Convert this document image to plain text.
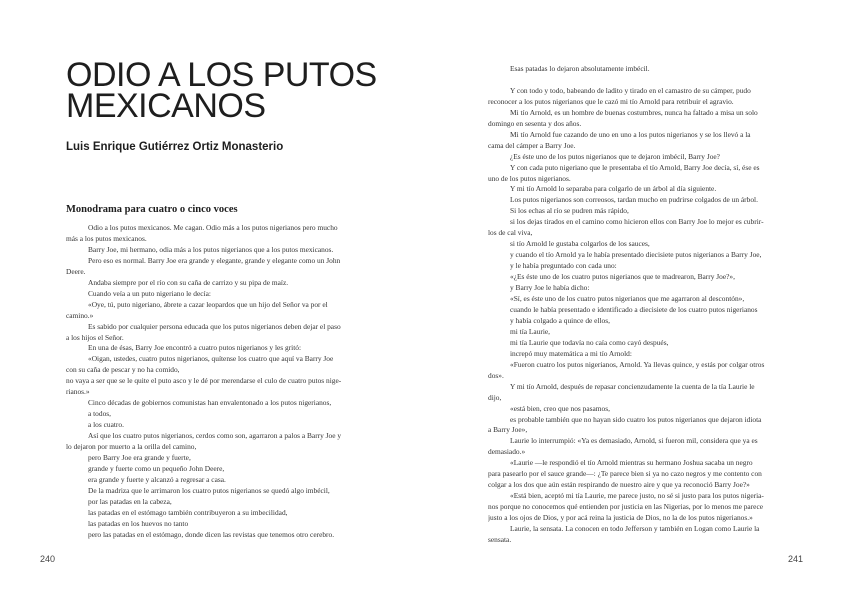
ODIO A LOS PUTOS MEXICANOS
Luis Enrique Gutiérrez Ortiz Monasterio
Monodrama para cuatro o cinco voces
Odio a los putos mexicanos. Me cagan. Odio más a los putos nigerianos pero mucho
más a los putos mexicanos.
Barry Joe, mi hermano, odia más a los putos nigerianos que a los putos mexicanos.
Pero eso es normal. Barry Joe era grande y elegante, grande y elegante como un John
Deere.
Andaba siempre por el río con su caña de carrizo y su pipa de maíz.
Cuando veía a un puto nigeriano le decía:
«Oye, tú, puto nigeriano, ábrete a cazar leopardos que un hijo del Señor va por el
camino.»
Es sabido por cualquier persona educada que los putos nigerianos deben dejar el paso
a los hijos el Señor.
En una de ésas, Barry Joe encontró a cuatro putos nigerianos y les gritó:
«Oigan, ustedes, cuatro putos nigerianos, quítense los cuatro que aquí va Barry Joe
con su caña de pescar y no ha comido,
no vaya a ser que se le quite el puto asco y le dé por merendarse el culo de cuatro putos nige-
rianos.»
Cinco décadas de gobiernos comunistas han envalentonado a los putos nigerianos,
a todos,
a los cuatro.
Así que los cuatro putos nigerianos, cerdos como son, agarraron a palos a Barry Joe y
lo dejaron por muerto a la orilla del camino,
pero Barry Joe era grande y fuerte,
grande y fuerte como un pequeño John Deere,
era grande y fuerte y alcanzó a regresar a casa.
De la madriza que le arrimaron los cuatro putos nigerianos se quedó algo imbécil,
por las patadas en la cabeza,
las patadas en el estómago también contribuyeron a su imbecilidad,
las patadas en los huevos no tanto
pero las patadas en el estómago, donde dicen las revistas que tenemos otro cerebro.
240
Esas patadas lo dejaron absolutamente imbécil.

Y con todo y todo, babeando de ladito y tirado en el camastro de su cámper, pudo
reconocer a los putos nigerianos que le cazó mi tío Arnold para retribuir el agravio.
Mi tío Arnold, es un hombre de buenas costumbres, nunca ha faltado a misa un solo
domingo en sesenta y dos años.
Mi tío Arnold fue cazando de uno en uno a los putos nigerianos y se los llevó a la
cama del cámper a Barry Joe.
¿Es éste uno de los putos nigerianos que te dejaron imbécil, Barry Joe?
Y con cada puto nigeriano que le presentaba el tío Arnold, Barry Joe decía, sí, ése es
uno de los putos nigerianos.
Y mi tío Arnold lo separaba para colgarlo de un árbol al día siguiente.
Los putos nigerianos son correosos, tardan mucho en pudrirse colgados de un árbol.
Si los echas al río se pudren más rápido,
si los dejas tirados en el camino como hicieron ellos con Barry Joe lo mejor es cubrir-
los de cal viva,
si tío Arnold le gustaba colgarlos de los sauces,
y cuando el tío Arnold ya le había presentado diecisiete putos nigerianos a Barry Joe,
y le había preguntado con cada uno:
«¿Es éste uno de los cuatro putos nigerianos que te madrearon, Barry Joe?»,
y Barry Joe le había dicho:
«Sí, es éste uno de los cuatro putos nigerianos que me agarraron al descontón»,
cuando le había presentado e identificado a diecisiete de los cuatro putos nigerianos
y había colgado a quince de ellos,
mi tía Laurie,
mi tía Laurie que todavía no caía como cayó después,
increpó muy matemática a mi tío Arnold:
«Fueron cuatro los putos nigerianos, Arnold. Ya llevas quince, y estás por colgar otros
dos».
Y mi tío Arnold, después de repasar concienzudamente la cuenta de la tía Laurie le
dijo,
«está bien, creo que nos pasamos,
es probable también que no hayan sido cuatro los putos nigerianos que dejaron idiota
a Barry Joe»,
Laurie lo interrumpió: «Ya es demasiado, Arnold, si fueron mil, considera que ya es
demasiado.»
«Laurie —le respondió el tío Arnold mientras su hermano Joshua sacaba un negro
para pasearlo por el sauce grande—: ¿Te parece bien si ya no cazo negros y me contento con
colgar a los dos que aún están respirando de nuestro aire y que ya reconoció Barry Joe?»
«Está bien, aceptó mi tía Laurie, me parece justo, no sé si justo para los putos nigeria-
nos porque no conocemos qué entienden por justicia en las Nigerias, por lo menos me parece
justo a los ojos de Dios, y por acá reina la justicia de Dios, no la de los putos nigerianos.»
Laurie, la sensata. La conocen en todo Jefferson y también en Logan como Laurie la
sensata.
241
